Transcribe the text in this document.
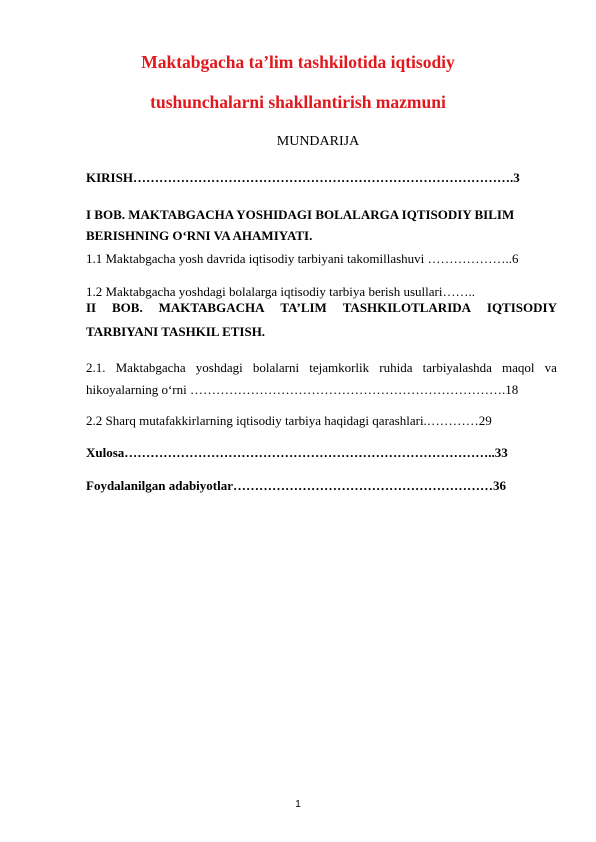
Maktabgacha ta’lim tashkilotida iqtisodiy
tushunchalarni shakllantirish mazmuni
MUNDARIJA
KIRISH…………………………………………………………………………….3
I BOB. MAKTABGACHA YOSHIDAGI BOLALARGA IQTISODIY BILIM
BERISHNING O‘RNI VA AHAMIYATI.
1.1 Maktabgacha yosh davrida iqtisodiy tarbiyani takomillashuvi ………………..6
1.2 Maktabgacha yoshdagi bolalarga iqtisodiy tarbiya berish usullari……..
II BOB. MAKTABGACHA TA’LIM TASHKILOTLARIDA IQTISODIY
TARBIYANI TASHKIL ETISH.
2.1. Maktabgacha yoshdagi bolalarni tejamkorlik ruhida tarbiyalashda maqol va
hikoyalarning o‘rni ……………………………………………………………….18
2.2 Sharq mutafakkirlarning iqtisodiy tarbiya haqidagi qarashlari.…………29
Xulosa…………………………………………………………………………..33
Foydalanilgan adabiyotlar……………………………………………………36
1
